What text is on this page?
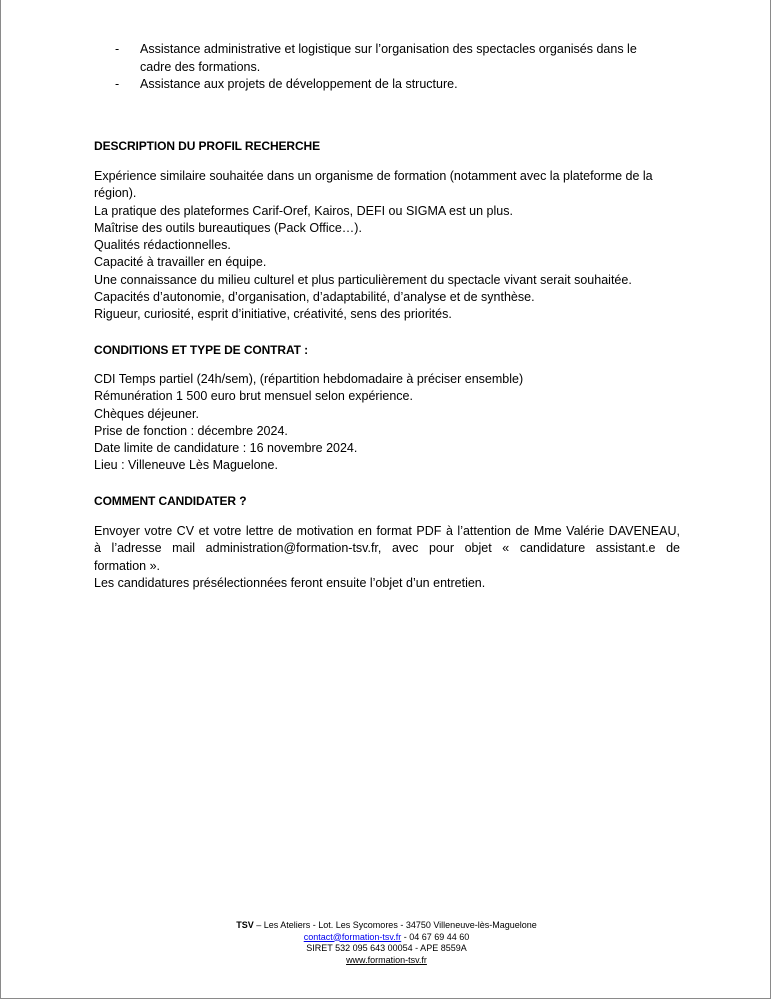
- Assistance administrative et logistique sur l’organisation des spectacles organisés dans le
cadre des formations.
- Assistance aux projets de développement de la structure.
DESCRIPTION DU PROFIL RECHERCHE
Expérience similaire souhaitée dans un organisme de formation (notamment avec la plateforme de la
région).
La pratique des plateformes Carif-Oref, Kairos, DEFI ou SIGMA est un plus.
Maîtrise des outils bureautiques (Pack Office…).
Qualités rédactionnelles.
Capacité à travailler en équipe.
Une connaissance du milieu culturel et plus particulièrement du spectacle vivant serait souhaitée.
Capacités d’autonomie, d’organisation, d’adaptabilité, d’analyse et de synthèse.
Rigueur, curiosité, esprit d’initiative, créativité, sens des priorités.
CONDITIONS ET TYPE DE CONTRAT :
CDI Temps partiel (24h/sem), (répartition hebdomadaire à préciser ensemble)
Rémunération 1 500 euro brut mensuel selon expérience.
Chèques déjeuner.
Prise de fonction : décembre 2024.
Date limite de candidature : 16 novembre 2024.
Lieu : Villeneuve Lès Maguelone.
COMMENT CANDIDATER ?
Envoyer votre CV et votre lettre de motivation en format PDF à l’attention de Mme Valérie DAVENEAU,
à l’adresse mail administration@formation-tsv.fr, avec pour objet « candidature assistant.e de
formation ».
Les candidatures présélectionnées feront ensuite l’objet d’un entretien.
TSV – Les Ateliers - Lot. Les Sycomores - 34750 Villeneuve-lès-Maguelone
contact@formation-tsv.fr - 04 67 69 44 60
SIRET 532 095 643 00054 - APE 8559A
www.formation-tsv.fr
